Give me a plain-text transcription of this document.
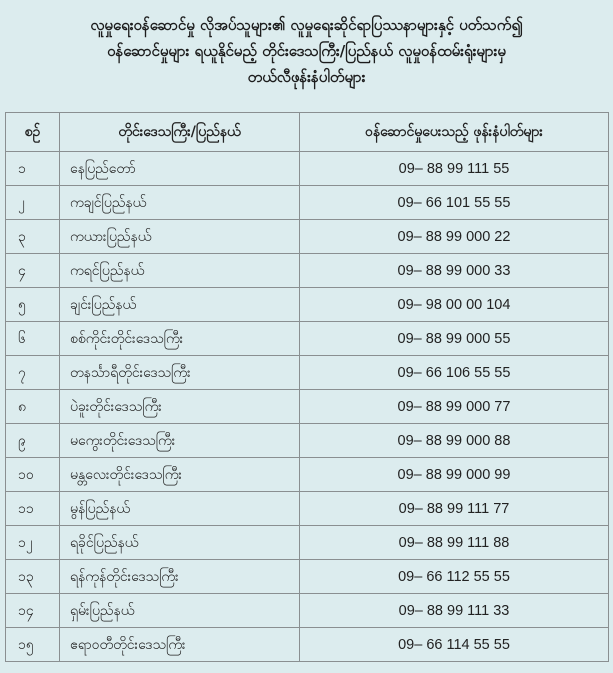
လူမှုရေးဝန်ဆောင်မှု လိုအပ်သူများ၏ လူမှုရေးဆိုင်ရာပြဿနာများနှင့် ပတ်သက်၍
ဝန်ဆောင်မှုများ ရယူနိုင်မည့် တိုင်းဒေသကြီး/ပြည်နယ် လူမှုဝန်ထမ်းရုံးများမှ
တယ်လီဖုန်းနံပါတ်များ
စဉ်	တိုင်းဒေသကြီး/ပြည်နယ်	ဝန်ဆောင်မှုပေးသည့် ဖုန်းနံပါတ်များ
၁	နေပြည်တော်	09– 88 99 111 55
၂	ကချင်ပြည်နယ်	09– 66 101 55 55
၃	ကယားပြည်နယ်	09– 88 99 000 22
၄	ကရင်ပြည်နယ်	09– 88 99 000 33
၅	ချင်းပြည်နယ်	09– 98 00 00 104
၆	စစ်ကိုင်းတိုင်းဒေသကြီး	09– 88 99 000 55
၇	တနင်္သာရီတိုင်းဒေသကြီး	09– 66 106 55 55
၈	ပဲခူးတိုင်းဒေသကြီး	09– 88 99 000 77
၉	မကွေးတိုင်းဒေသကြီး	09– 88 99 000 88
၁၀	မန္တလေးတိုင်းဒေသကြီး	09– 88 99 000 99
၁၁	မွန်ပြည်နယ်	09– 88 99 111 77
၁၂	ရခိုင်ပြည်နယ်	09– 88 99 111 88
၁၃	ရန်ကုန်တိုင်းဒေသကြီး	09– 66 112 55 55
၁၄	ရှမ်းပြည်နယ်	09– 88 99 111 33
၁၅	ဧရာဝတီတိုင်းဒေသကြီး	09– 66 114 55 55
